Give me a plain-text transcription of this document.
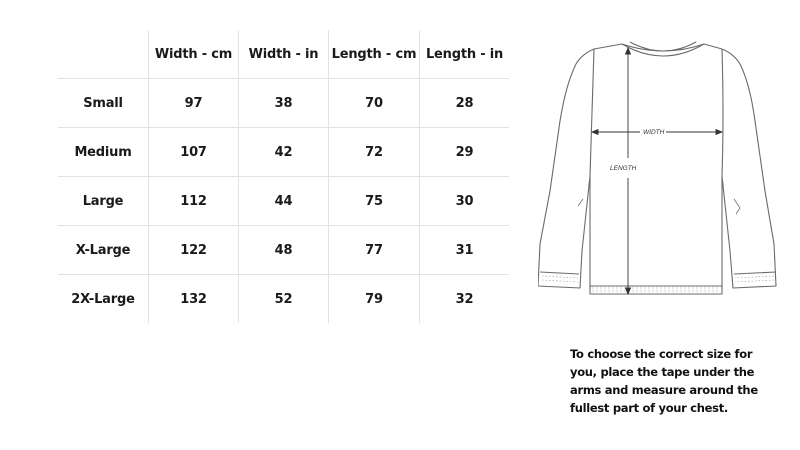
	Width - cm	Width - in	Length - cm	Length - in
Small	97	38	70	28
Medium	107	42	72	29
Large	112	44	75	30
X-Large	122	48	77	31
2X-Large	132	52	79	32
LENGTH
WIDTH
To choose the correct size for you, place the tape under the arms and measure around the fullest part of your chest.
